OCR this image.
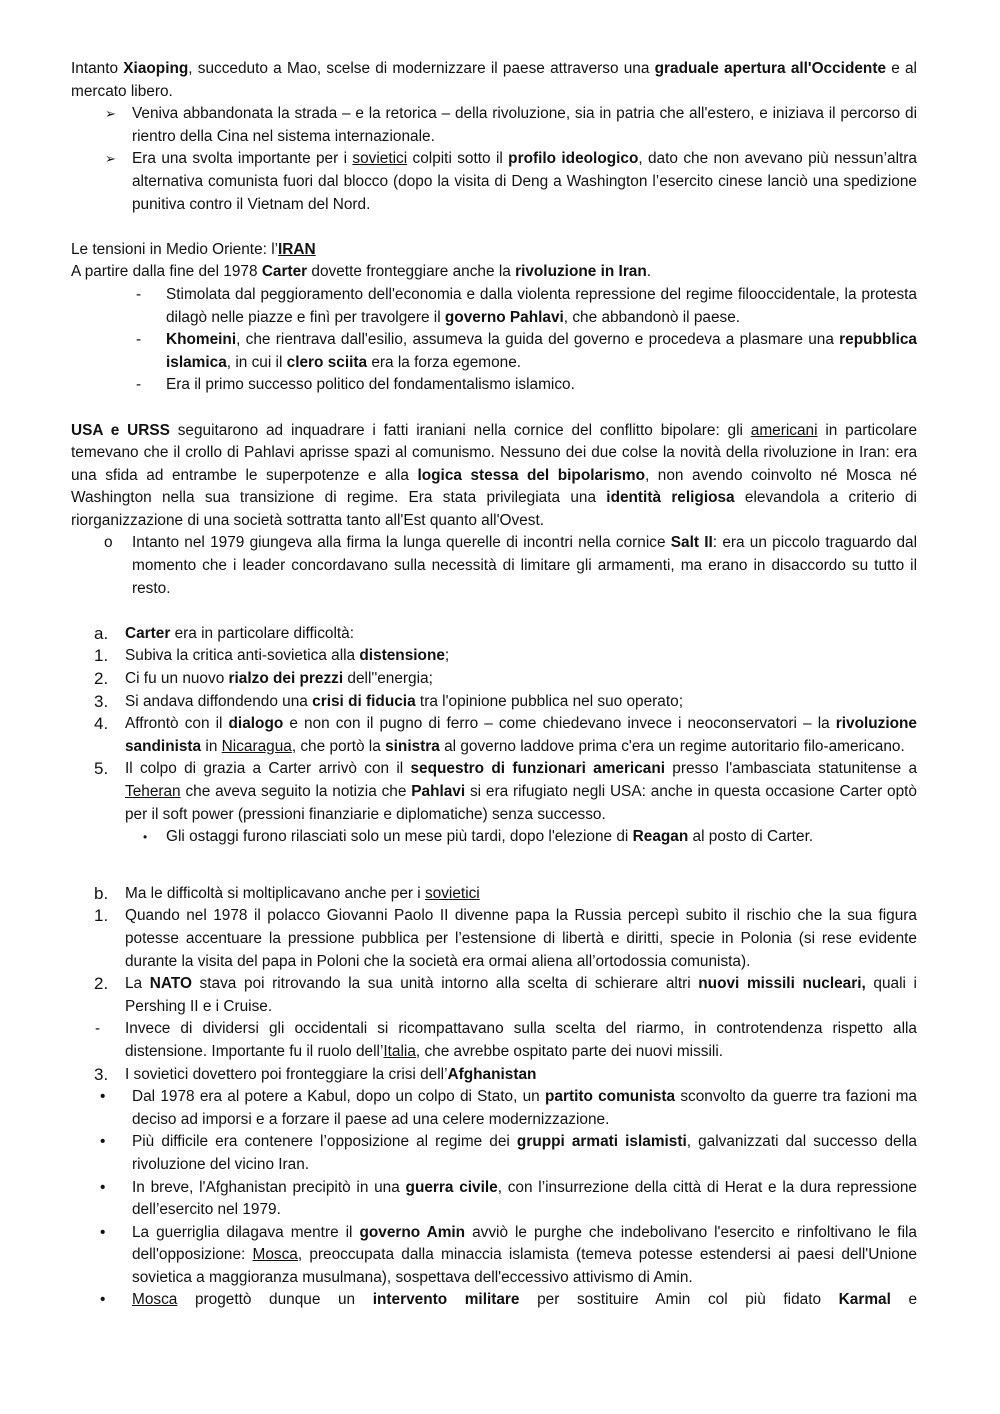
Intanto Xiaoping, succeduto a Mao, scelse di modernizzare il paese attraverso una graduale apertura all'Occidente e al mercato libero.

➢ Veniva abbandonata la strada – e la retorica – della rivoluzione, sia in patria che all'estero, e iniziava il percorso di rientro della Cina nel sistema internazionale.
➢ Era una svolta importante per i sovietici colpiti sotto il profilo ideologico, dato che non avevano più nessun’altra alternativa comunista fuori dal blocco (dopo la visita di Deng a Washington l’esercito cinese lanciò una spedizione punitiva contro il Vietnam del Nord.

Le tensioni in Medio Oriente: l’IRAN

A partire dalla fine del 1978 Carter dovette fronteggiare anche la rivoluzione in Iran.

- Stimolata dal peggioramento dell'economia e dalla violenta repressione del regime filooccidentale, la protesta dilagò nelle piazze e finì per travolgere il governo Pahlavi, che abbandonò il paese.
- Khomeini, che rientrava dall'esilio, assumeva la guida del governo e procedeva a plasmare una repubblica islamica, in cui il clero sciita era la forza egemone.
- Era il primo successo politico del fondamentalismo islamico.

USA e URSS seguitarono ad inquadrare i fatti iraniani nella cornice del conflitto bipolare: gli americani in particolare temevano che il crollo di Pahlavi aprisse spazi al comunismo. Nessuno dei due colse la novità della rivoluzione in Iran: era una sfida ad entrambe le superpotenze e alla logica stessa del bipolarismo, non avendo coinvolto né Mosca né Washington nella sua transizione di regime. Era stata privilegiata una identità religiosa elevandola a criterio di riorganizzazione di una società sottratta tanto all'Est quanto all'Ovest.

o Intanto nel 1979 giungeva alla firma la lunga querelle di incontri nella cornice Salt II: era un piccolo traguardo dal momento che i leader concordavano sulla necessità di limitare gli armamenti, ma erano in disaccordo su tutto il resto.
a. Carter era in particolare difficoltà:
1. Subiva la critica anti-sovietica alla distensione;
2. Ci fu un nuovo rialzo dei prezzi dell''energia;
3. Si andava diffondendo una crisi di fiducia tra l'opinione pubblica nel suo operato;
4. Affrontò con il dialogo e non con il pugno di ferro – come chiedevano invece i neoconservatori – la rivoluzione sandinista in Nicaragua, che portò la sinistra al governo laddove prima c'era un regime autoritario filo-americano.
5. Il colpo di grazia a Carter arrivò con il sequestro di funzionari americani presso l'ambasciata statunitense a Teheran che aveva seguito la notizia che Pahlavi si era rifugiato negli USA: anche in questa occasione Carter optò per il soft power (pressioni finanziarie e diplomatiche) senza successo.
• Gli ostaggi furono rilasciati solo un mese più tardi, dopo l'elezione di Reagan al posto di Carter.
b. Ma le difficoltà si moltiplicavano anche per i sovietici
1. Quando nel 1978 il polacco Giovanni Paolo II divenne papa la Russia percepì subito il rischio che la sua figura potesse accentuare la pressione pubblica per l’estensione di libertà e diritti, specie in Polonia (si rese evidente durante la visita del papa in Poloni che la società era ormai aliena all’ortodossia comunista).
2. La NATO stava poi ritrovando la sua unità intorno alla scelta di schierare altri nuovi missili nucleari, quali i Pershing II e i Cruise.
- Invece di dividersi gli occidentali si ricompattavano sulla scelta del riarmo, in controtendenza rispetto alla distensione. Importante fu il ruolo dell’Italia, che avrebbe ospitato parte dei nuovi missili.
3. I sovietici dovettero poi fronteggiare la crisi dell’Afghanistan
• Dal 1978 era al potere a Kabul, dopo un colpo di Stato, un partito comunista sconvolto da guerre tra fazioni ma deciso ad imporsi e a forzare il paese ad una celere modernizzazione.
• Più difficile era contenere l’opposizione al regime dei gruppi armati islamisti, galvanizzati dal successo della rivoluzione del vicino Iran.
• In breve, l'Afghanistan precipitò in una guerra civile, con l’insurrezione della città di Herat e la dura repressione dell’esercito nel 1979.
• La guerriglia dilagava mentre il governo Amin avviò le purghe che indebolivano l'esercito e rinfoltivano le fila dell'opposizione: Mosca, preoccupata dalla minaccia islamista (temeva potesse estendersi ai paesi dell'Unione sovietica a maggioranza musulmana), sospettava dell'eccessivo attivismo di Amin.
• Mosca progettò dunque un intervento militare per sostituire Amin col più fidato Karmal e
